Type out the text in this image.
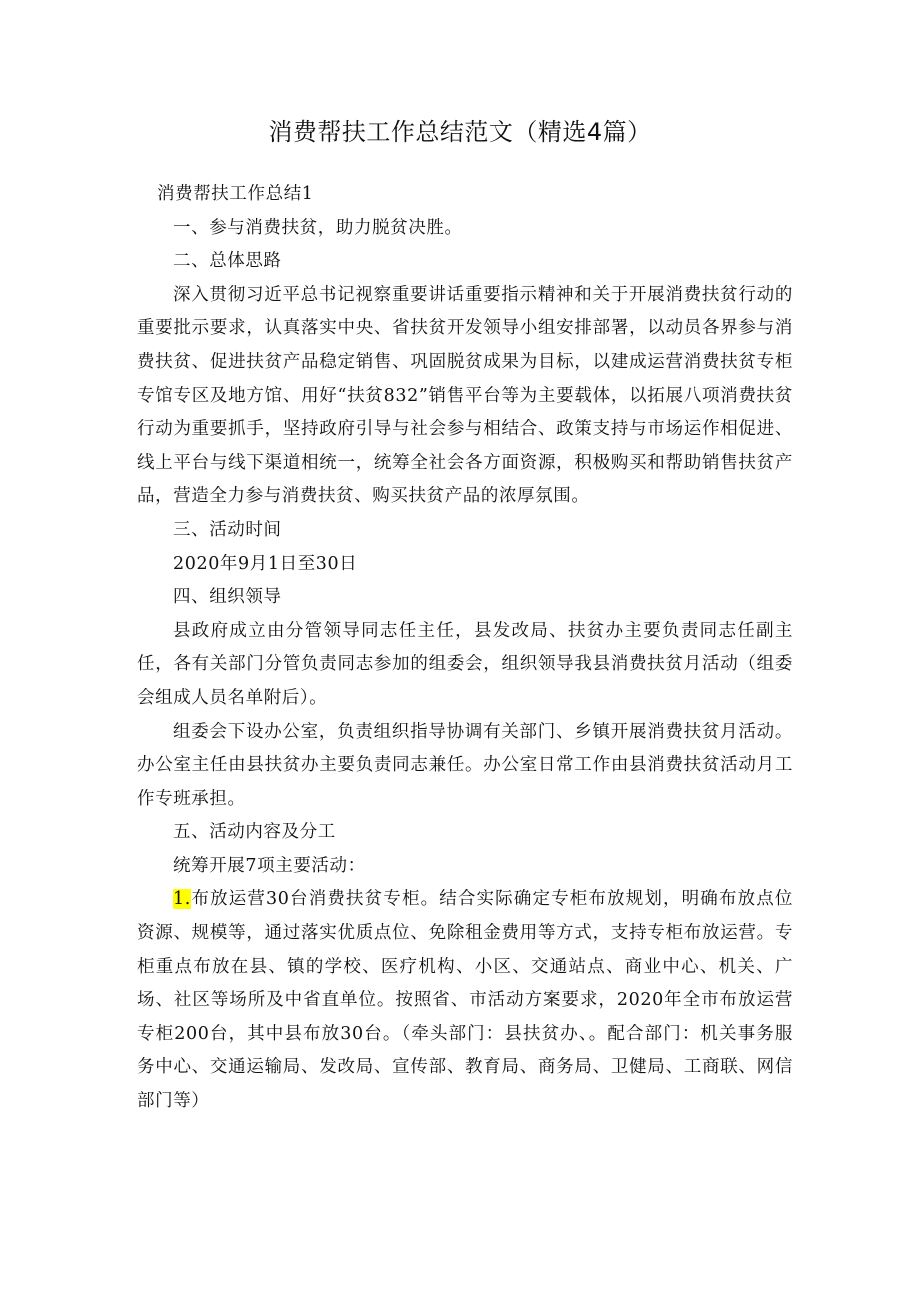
消费帮扶工作总结范文（精选4篇）

消费帮扶工作总结1

一、参与消费扶贫，助力脱贫决胜。

二、总体思路

深入贯彻习近平总书记视察重要讲话重要指示精神和关于开展消费扶贫行动的重要批示要求，认真落实中央、省扶贫开发领导小组安排部署，以动员各界参与消费扶贫、促进扶贫产品稳定销售、巩固脱贫成果为目标，以建成运营消费扶贫专柜专馆专区及地方馆、用好“扶贫832”销售平台等为主要载体，以拓展八项消费扶贫行动为重要抓手，坚持政府引导与社会参与相结合、政策支持与市场运作相促进、线上平台与线下渠道相统一，统筹全社会各方面资源，积极购买和帮助销售扶贫产品，营造全力参与消费扶贫、购买扶贫产品的浓厚氛围。

三、活动时间

2020年9月1日至30日

四、组织领导

县政府成立由分管领导同志任主任，县发改局、扶贫办主要负责同志任副主任，各有关部门分管负责同志参加的组委会，组织领导我县消费扶贫月活动（组委会组成人员名单附后）。

组委会下设办公室，负责组织指导协调有关部门、乡镇开展消费扶贫月活动。办公室主任由县扶贫办主要负责同志兼任。办公室日常工作由县消费扶贫活动月工作专班承担。

五、活动内容及分工

统筹开展7项主要活动：

1.布放运营30台消费扶贫专柜。结合实际确定专柜布放规划，明确布放点位资源、规模等，通过落实优质点位、免除租金费用等方式，支持专柜布放运营。专柜重点布放在县、镇的学校、医疗机构、小区、交通站点、商业中心、机关、广场、社区等场所及中省直单位。按照省、市活动方案要求，2020年全市布放运营专柜200台，其中县布放30台。（牵头部门：县扶贫办、。配合部门：机关事务服务中心、交通运输局、发改局、宣传部、教育局、商务局、卫健局、工商联、网信部门等）
